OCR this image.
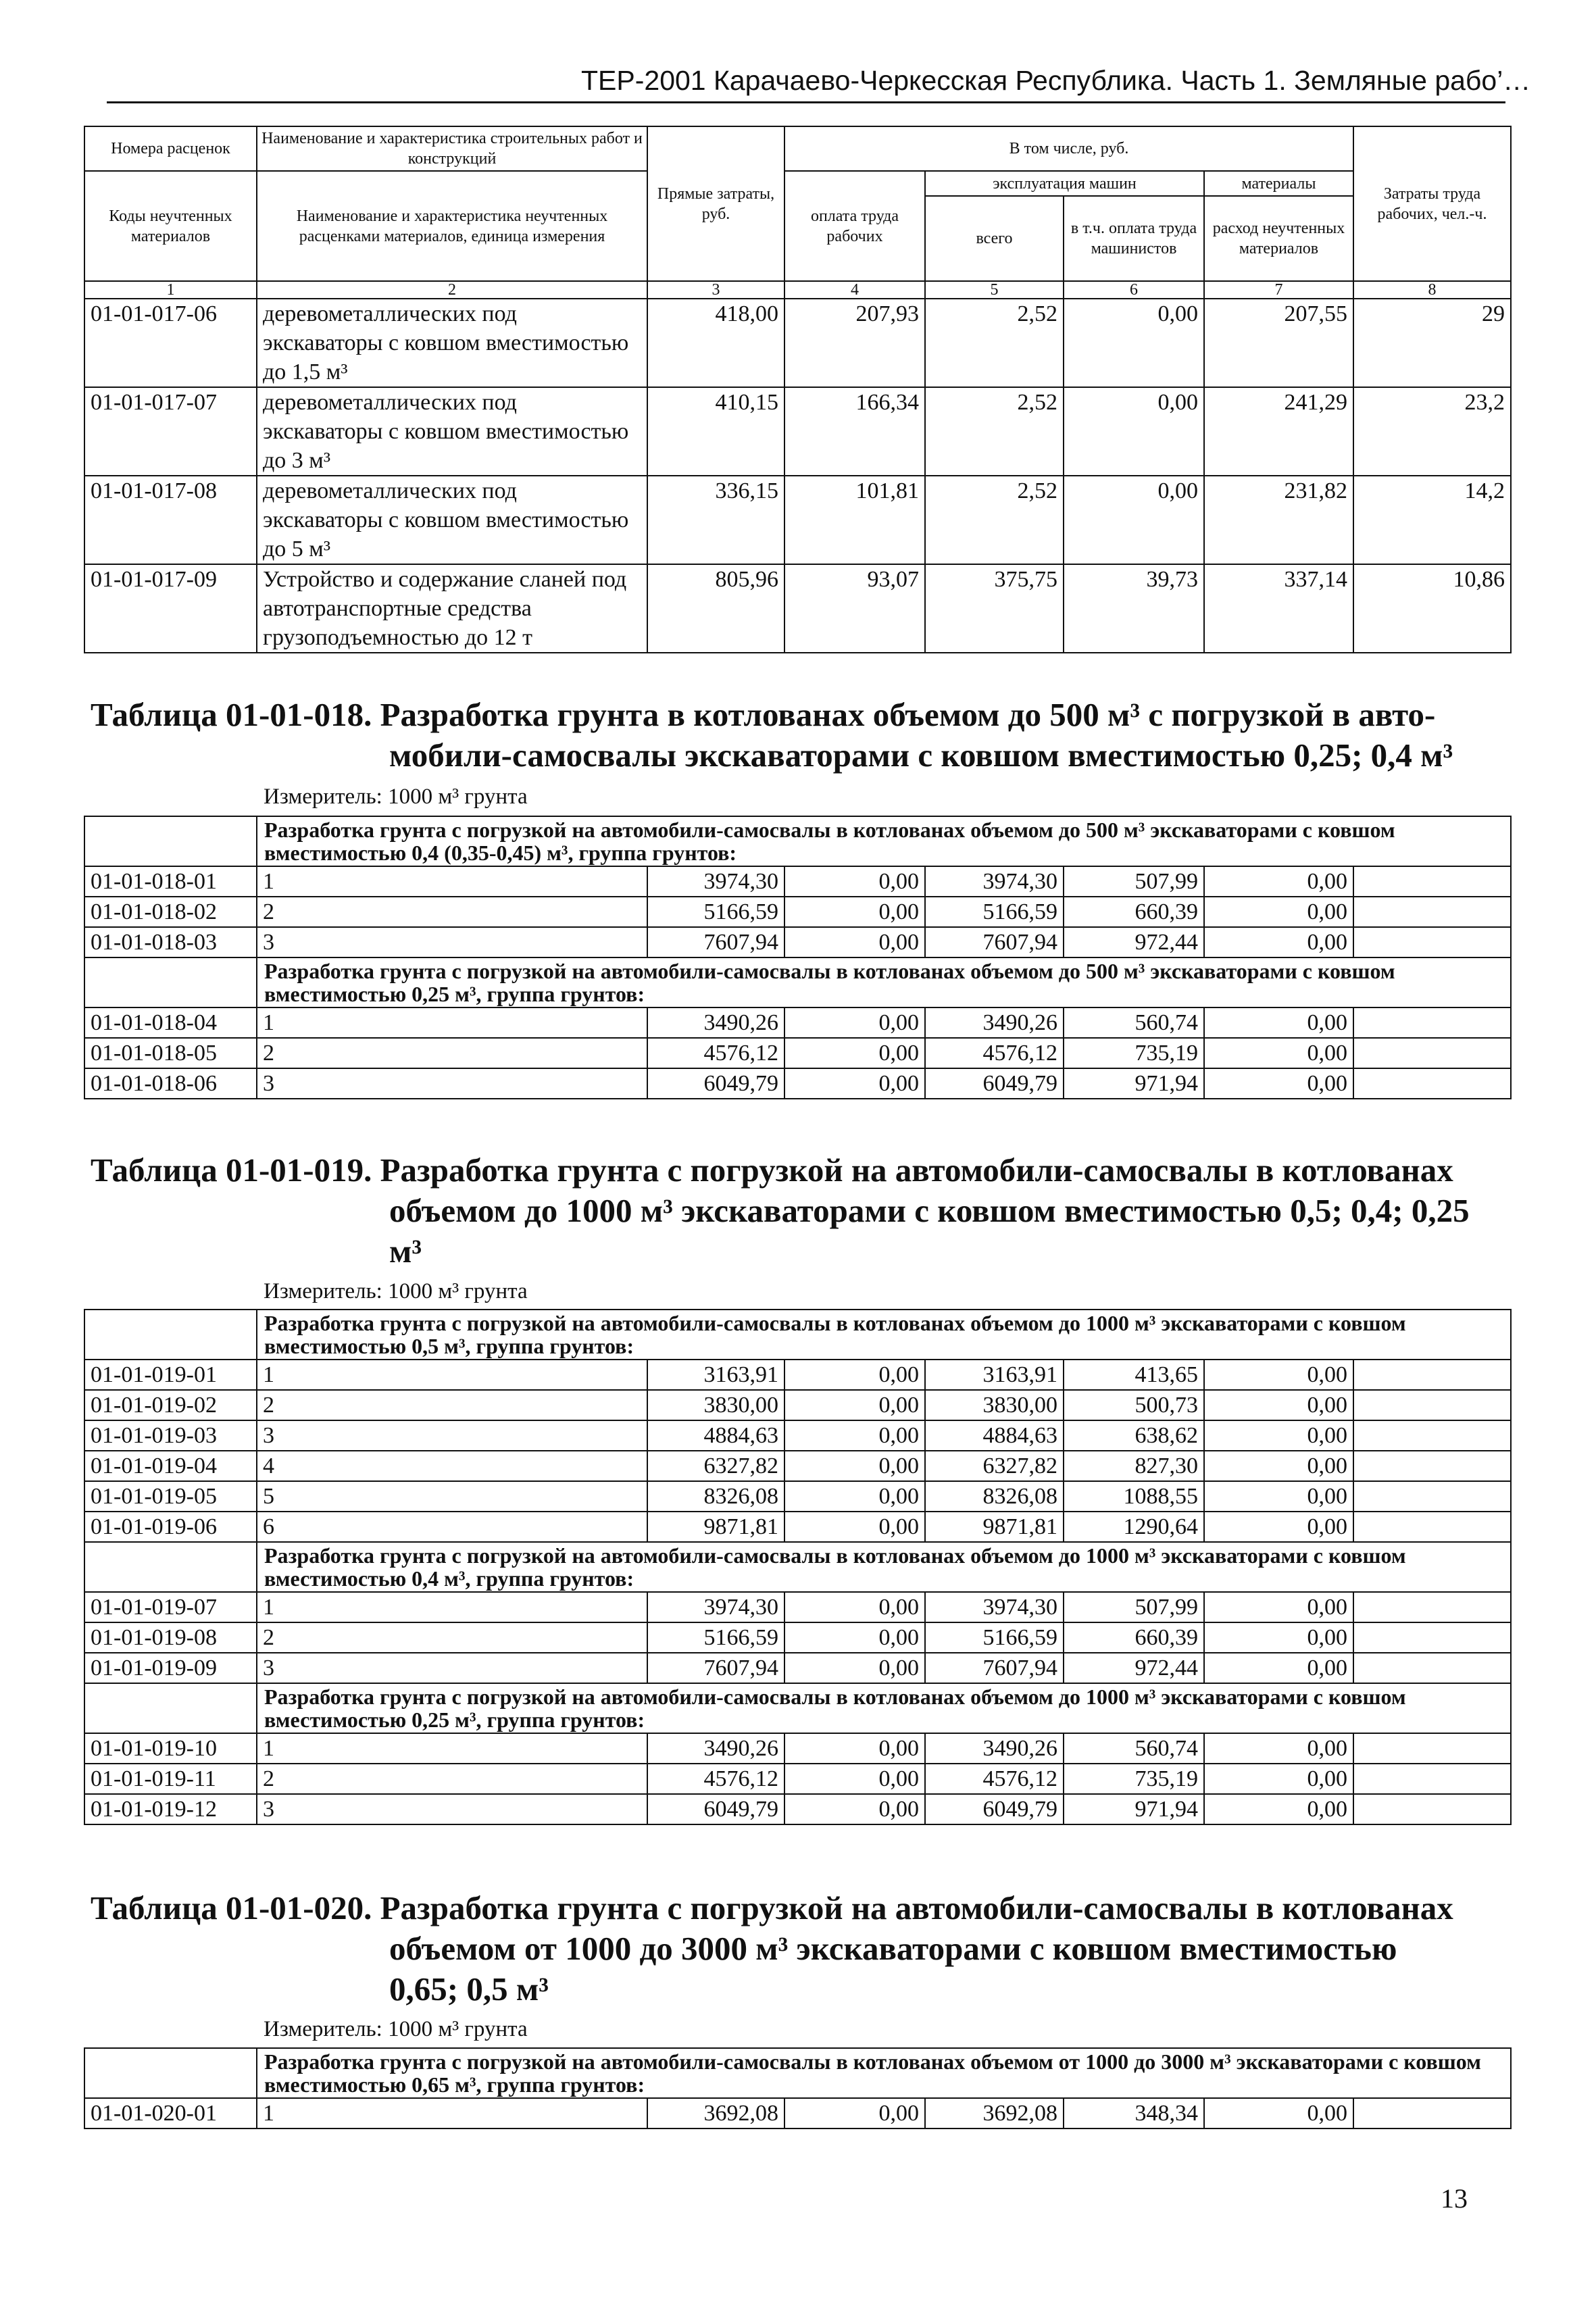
ТЕР-2001 Карачаево-Черкесская Республика. Часть 1. Земляные рабо’…
Номера расценок	Наименование и характеристика строительных работ и конструкций	Прямые затраты, руб.	В том числе, руб.				Затраты труда рабочих, чел.-ч.
Коды неучтенных материалов	Наименование и характеристика неучтенных расценками материалов, единица измерения		оплата труда рабочих	эксплуатация машин		материалы	
				всего	в т.ч. оплата труда машинистов	расход неучтенных материалов	
1	2	3	4	5	6	7	8
01-01-017-06	деревометаллических под экскаваторы с ковшом вместимостью до 1,5 м³	418,00	207,93	2,52	0,00	207,55	29
01-01-017-07	деревометаллических под экскаваторы с ковшом вместимостью до 3 м³	410,15	166,34	2,52	0,00	241,29	23,2
01-01-017-08	деревометаллических под экскаваторы с ковшом вместимостью до 5 м³	336,15	101,81	2,52	0,00	231,82	14,2
01-01-017-09	Устройство и содержание сланей под автотранспортные средства грузоподъемностью до 12 т	805,96	93,07	375,75	39,73	337,14	10,86
Таблица 01-01-018. Разработка грунта в котлованах объемом до 500 м³ с погрузкой в авто-
мобили-самосвалы экскаваторами с ковшом вместимостью 0,25; 0,4 м³
Измеритель: 1000 м³ грунта
	Разработка грунта с погрузкой на автомобили-самосвалы в котлованах объемом до 500 м³ экскаваторами с ковшом вместимостью 0,4 (0,35-0,45) м³, группа грунтов:						
01-01-018-01	1	3974,30	0,00	3974,30	507,99	0,00	
01-01-018-02	2	5166,59	0,00	5166,59	660,39	0,00	
01-01-018-03	3	7607,94	0,00	7607,94	972,44	0,00	
	Разработка грунта с погрузкой на автомобили-самосвалы в котлованах объемом до 500 м³ экскаваторами с ковшом вместимостью 0,25 м³, группа грунтов:						
01-01-018-04	1	3490,26	0,00	3490,26	560,74	0,00	
01-01-018-05	2	4576,12	0,00	4576,12	735,19	0,00	
01-01-018-06	3	6049,79	0,00	6049,79	971,94	0,00	
Таблица 01-01-019. Разработка грунта с погрузкой на автомобили-самосвалы в котлованах
объемом до 1000 м³ экскаваторами с ковшом вместимостью 0,5; 0,4; 0,25
м³
Измеритель: 1000 м³ грунта
	Разработка грунта с погрузкой на автомобили-самосвалы в котлованах объемом до 1000 м³ экскаваторами с ковшом вместимостью 0,5 м³, группа грунтов:						
01-01-019-01	1	3163,91	0,00	3163,91	413,65	0,00	
01-01-019-02	2	3830,00	0,00	3830,00	500,73	0,00	
01-01-019-03	3	4884,63	0,00	4884,63	638,62	0,00	
01-01-019-04	4	6327,82	0,00	6327,82	827,30	0,00	
01-01-019-05	5	8326,08	0,00	8326,08	1088,55	0,00	
01-01-019-06	6	9871,81	0,00	9871,81	1290,64	0,00	
	Разработка грунта с погрузкой на автомобили-самосвалы в котлованах объемом до 1000 м³ экскаваторами с ковшом вместимостью 0,4 м³, группа грунтов:						
01-01-019-07	1	3974,30	0,00	3974,30	507,99	0,00	
01-01-019-08	2	5166,59	0,00	5166,59	660,39	0,00	
01-01-019-09	3	7607,94	0,00	7607,94	972,44	0,00	
	Разработка грунта с погрузкой на автомобили-самосвалы в котлованах объемом до 1000 м³ экскаваторами с ковшом вместимостью 0,25 м³, группа грунтов:						
01-01-019-10	1	3490,26	0,00	3490,26	560,74	0,00	
01-01-019-11	2	4576,12	0,00	4576,12	735,19	0,00	
01-01-019-12	3	6049,79	0,00	6049,79	971,94	0,00	
Таблица 01-01-020. Разработка грунта с погрузкой на автомобили-самосвалы в котлованах
объемом от 1000 до 3000 м³ экскаваторами с ковшом вместимостью
0,65; 0,5 м³
Измеритель: 1000 м³ грунта
	Разработка грунта с погрузкой на автомобили-самосвалы в котлованах объемом от 1000 до 3000 м³ экскаваторами с ковшом вместимостью 0,65 м³, группа грунтов:						
01-01-020-01	1	3692,08	0,00	3692,08	348,34	0,00	
13
